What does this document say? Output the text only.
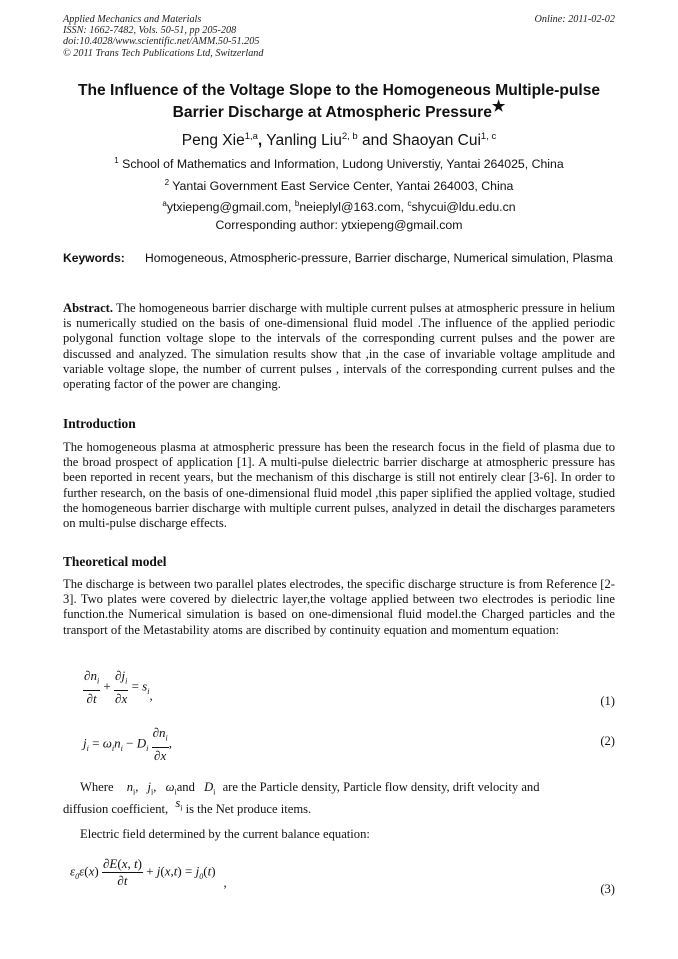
Applied Mechanics and Materials
ISSN: 1662-7482, Vols. 50-51, pp 205-208
doi:10.4028/www.scientific.net/AMM.50-51.205
© 2011 Trans Tech Publications Ltd, Switzerland
Online: 2011-02-02
The Influence of the Voltage Slope to the Homogeneous Multiple-pulse
Barrier Discharge at Atmospheric Pressure★
Peng Xie$^{1,a}$, Yanling Liu$^{2, b}$ and Shaoyan Cui$^{1, c}$
$^1$ School of Mathematics and Information, Ludong Universtiy, Yantai 264025, China
$^2$ Yantai Government East Service Center, Yantai 264003, China
$^a$ytxiepeng@gmail.com, $^b$neieplyl@163.com, $^c$shycui@ldu.edu.cn
Corresponding author: ytxiepeng@gmail.com
Keywords: Homogeneous, Atmospheric-pressure, Barrier discharge, Numerical simulation, Plasma
Abstract. The homogeneous barrier discharge with multiple current pulses at atmospheric pressure in helium is numerically studied on the basis of one-dimensional fluid model .The influence of the applied periodic polygonal function voltage slope to the intervals of the corresponding current pulses and the power are discussed and analyzed. The simulation results show that ,in the case of invariable voltage amplitude and variable voltage slope, the number of current pulses , intervals of the corresponding current pulses and the operating factor of the power are changing.
Introduction
The homogeneous plasma at atmospheric pressure has been the research focus in the field of plasma due to the broad prospect of application [1]. A multi-pulse dielectric barrier discharge at atmospheric pressure has been reported in recent years, but the mechanism of this discharge is still not entirely clear [3-6]. In order to further research, on the basis of one-dimensional fluid model ,this paper siplified the applied voltage, studied the homogeneous barrier discharge with multiple current pulses, analyzed in detail the discharges parameters on multi-pulse discharge effects.
Theoretical model
The discharge is between two parallel plates electrodes, the specific discharge structure is from Reference [2-3]. Two plates were covered by dielectric layer,the voltage applied between two electrodes is periodic line function.the Numerical simulation is based on one-dimensional fluid model.the Charged particles and the transport of the Metastability atoms are discribed by continuity equation and momentum equation:
$\frac{\partial n_i}{\partial t} + \frac{\partial j_i}{\partial x} = s_i$,	(1)
$j_i = \omega_in_i - D_i \frac{\partial n_i}{\partial x}$ ,	(2)
Where $n_i$, $j_i$, $\omega_iand$ $D_i$ are the Particle density, Particle flow density, drift velocity and
diffusion coefficient, $s_i$ is the Net produce items.
Electric field determined by the current balance equation:
$\varepsilon_0\varepsilon(x) \frac{\partial E(x, t)}{\partial t} + j(x,t) = j_0(t)$,	(3)
